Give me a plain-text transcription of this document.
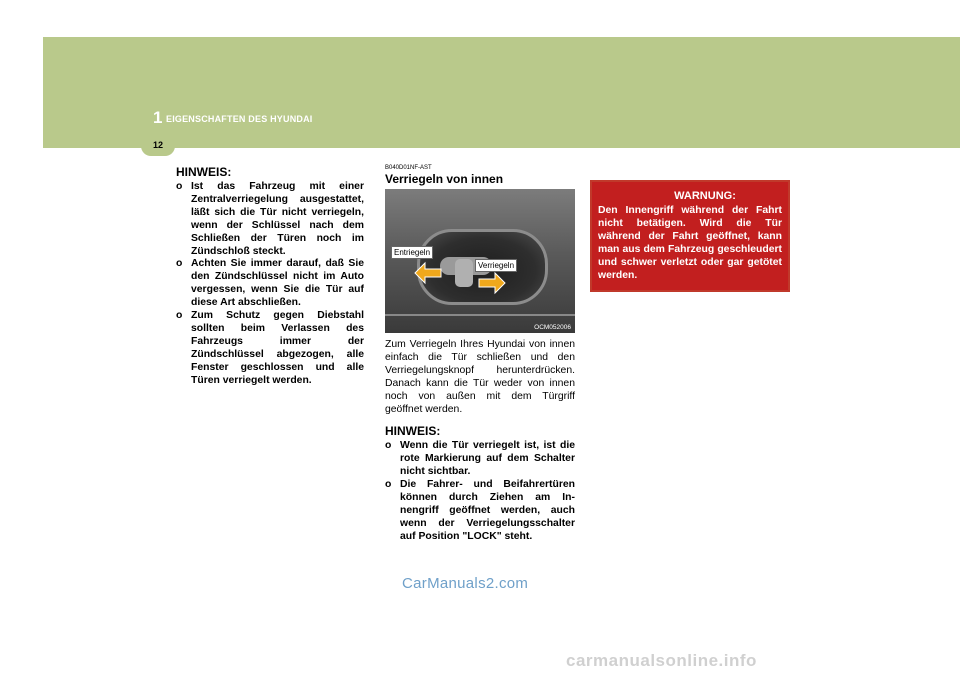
1 EIGENSCHAFTEN DES HYUNDAI
12
HINWEIS:
o Ist das Fahrzeug mit einer Zentralverriegelung ausgestattet, läßt sich die Tür nicht verriegeln, wenn der Schlüssel nach dem Schließen der Türen noch im Zündschloß steckt.
o Achten Sie immer darauf, daß Sie den Zündschlüssel nicht im Auto vergessen, wenn Sie die Tür auf diese Art abschließen.
o Zum Schutz gegen Diebstahl sollten beim Verlassen des Fahrzeugs immer der Zündschlüssel abgezogen, alle Fenster geschlossen und alle Türen verriegelt werden.
B040D01NF-AST
Verriegeln von innen
Entriegeln
Verriegeln
OCM052006

Zum Verriegeln Ihres Hyundai von innen einfach die Tür schließen und den Verriegelungsknopf herunterdrücken. Danach kann die Tür weder von innen noch von außen mit dem Türgriff geöffnet werden.

HINWEIS:
o Wenn die Tür verriegelt ist, ist die rote Markierung auf dem Schalter nicht sichtbar.
o Die Fahrer- und Beifahrertüren können durch Ziehen am In-nengriff geöffnet werden, auch wenn der Verriegelungsschalter auf Position "LOCK" steht.
WARNUNG:

Den Innengriff während der Fahrt nicht betätigen. Wird die Tür während der Fahrt geöffnet, kann man aus dem Fahrzeug geschleudert und schwer verletzt oder gar getötet werden.

CarManuals2.com
carmanualsonline.info
